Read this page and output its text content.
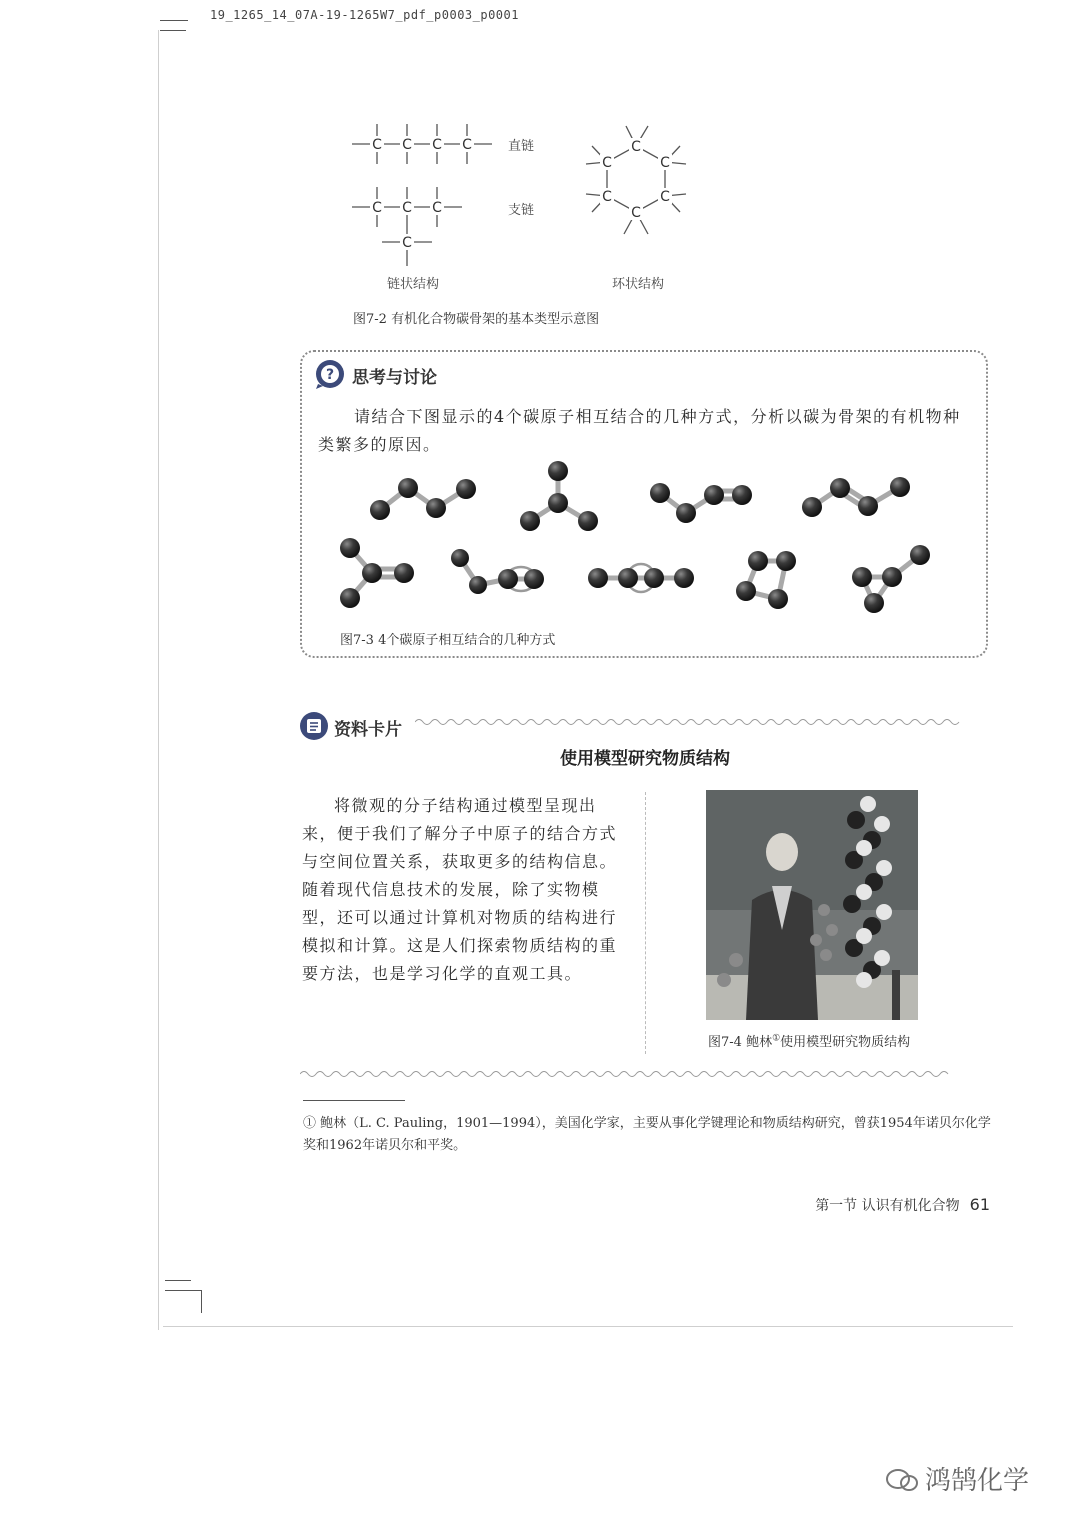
19_1265_14_07A-19-1265W7_pdf_p0003_p0001
C C C C
C C C
C
C
C
C
C
C
C
直链
支链
链状结构	环状结构
图7-2 有机化合物碳骨架的基本类型示意图
? 思考与讨论
请结合下图显示的4个碳原子相互结合的几种方式，分析以碳为骨架的有机物种类繁多的原因。
图7-3 4个碳原子相互结合的几种方式
资料卡片
使用模型研究物质结构
将微观的分子结构通过模型呈现出来，便于我们了解分子中原子的结合方式与空间位置关系，获取更多的结构信息。随着现代信息技术的发展，除了实物模型，还可以通过计算机对物质的结构进行模拟和计算。这是人们探索物质结构的重要方法，也是学习化学的直观工具。
图7-4 鲍林①使用模型研究物质结构
① 鲍林（L. C. Pauling，1901—1994），美国化学家，主要从事化学键理论和物质结构研究，曾获1954年诺贝尔化学奖和1962年诺贝尔和平奖。
第一节 认识有机化合物 61
鸿鹄化学
